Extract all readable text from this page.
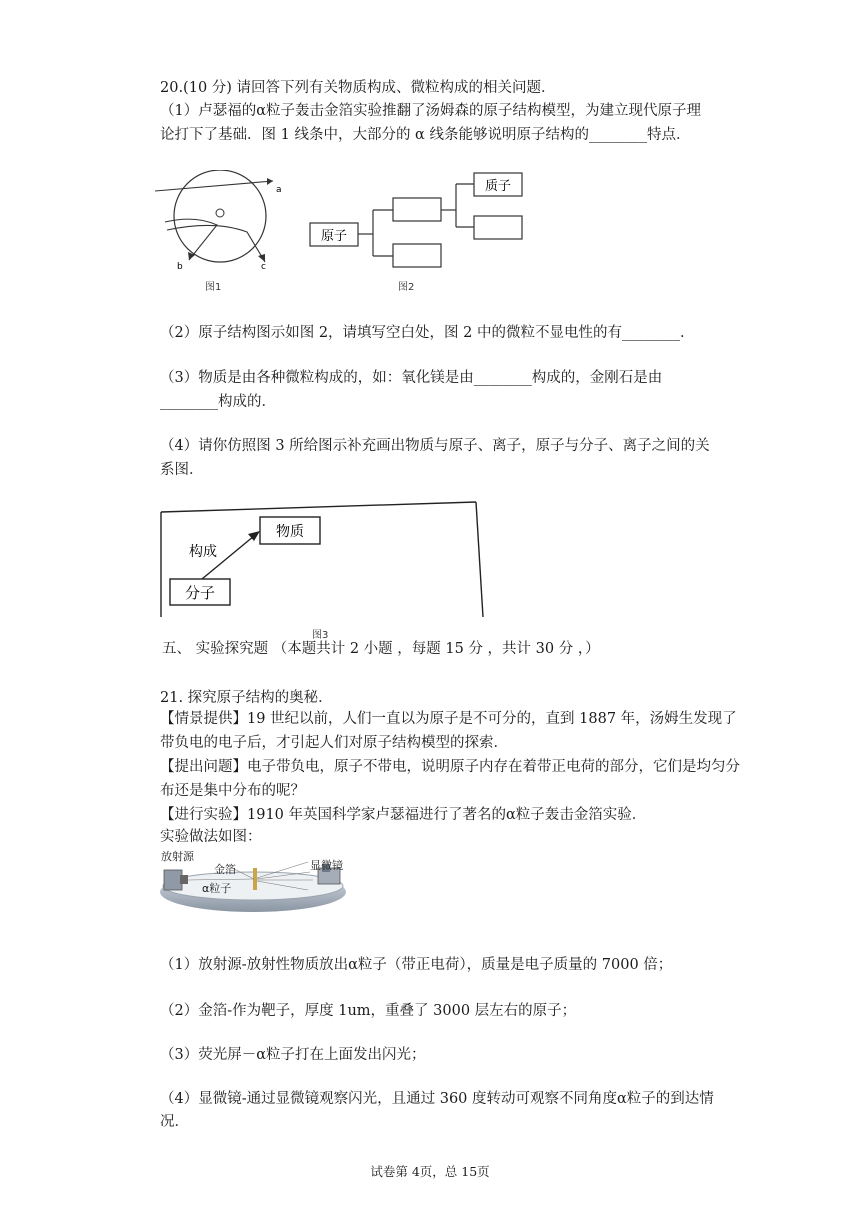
20.(10 分) 请回答下列有关物质构成、微粒构成的相关问题．
（1）卢瑟福的α粒子轰击金箔实验推翻了汤姆森的原子结构模型，为建立现代原子理
论打下了基础．图 1 线条中，大部分的 α 线条能够说明原子结构的________特点．
a
b	c
图1
原子
质子
图2
（2）原子结构图示如图 2，请填写空白处，图 2 中的微粒不显电性的有________．
（3）物质是由各种微粒构成的，如：氧化镁是由________构成的，金刚石是由
________构成的．
（4）请你仿照图 3 所给图示补充画出物质与原子、离子，原子与分子、离子之间的关
系图．
物质
分子
构成
图3
五、 实验探究题 （本题共计 2 小题 ，每题 15 分 ，共计 30 分 ，）
21. 探究原子结构的奥秘．
【情景提供】19 世纪以前，人们一直以为原子是不可分的，直到 1887 年，汤姆生发现了带负电的电子后，才引起人们对原子结构模型的探索．
【提出问题】电子带负电，原子不带电，说明原子内存在着带正电荷的部分，它们是均匀分布还是集中分布的呢？
【进行实验】1910 年英国科学家卢瑟福进行了著名的α粒子轰击金箔实验．
实验做法如图：
放射源
金箔	显微镜
α粒子
（1）放射源-放射性物质放出α粒子（带正电荷），质量是电子质量的 7000 倍；
（2）金箔-作为靶子，厚度 1um，重叠了 3000 层左右的原子；
（3）荧光屏－α粒子打在上面发出闪光；
（4）显微镜-通过显微镜观察闪光，且通过 360 度转动可观察不同角度α粒子的到达情
况．
试卷第 4页，总 15页
